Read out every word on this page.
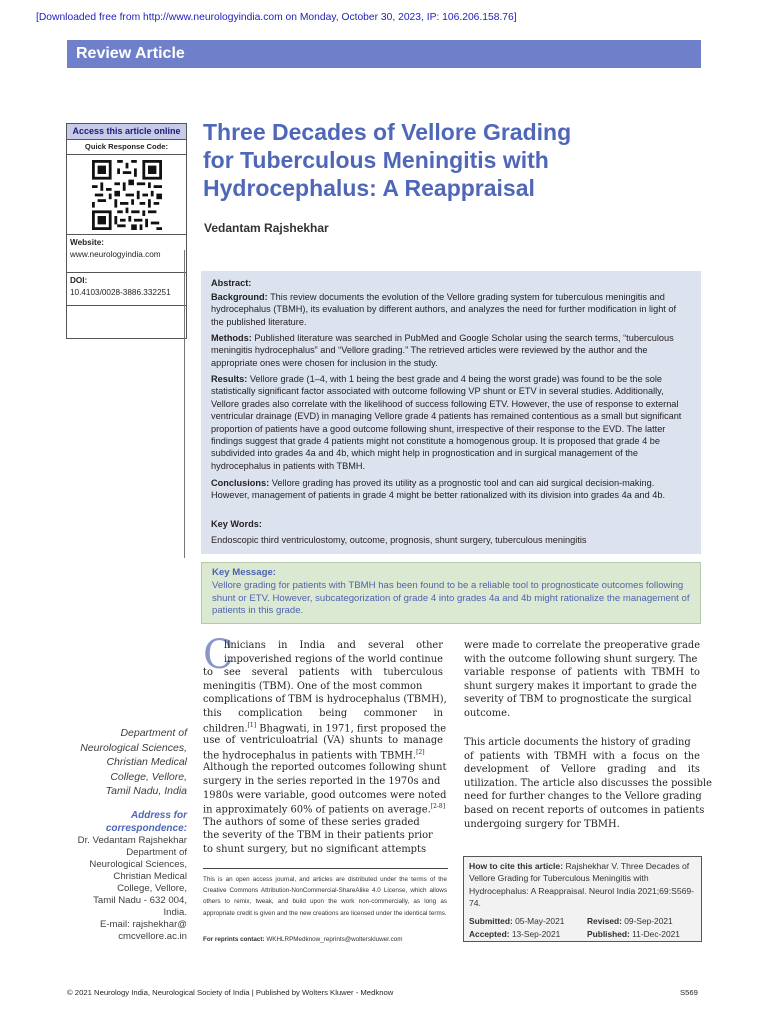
[Downloaded free from http://www.neurologyindia.com on Monday, October 30, 2023, IP: 106.206.158.76]
Review Article
Access this article online
Quick Response Code:
Website:
www.neurologyindia.com
DOI:
10.4103/0028-3886.332251
Three Decades of Vellore Grading
for Tuberculous Meningitis with
Hydrocephalus: A Reappraisal
Vedantam Rajshekhar

Abstract:

Background: This review documents the evolution of the Vellore grading system for tuberculous meningitis and hydrocephalus (TBMH), its evaluation by different authors, and analyzes the need for further modification in light of the published literature.

Methods: Published literature was searched in PubMed and Google Scholar using the search terms, “tuberculous meningitis hydrocephalus” and “Vellore grading.” The retrieved articles were reviewed by the author and the appropriate ones were chosen for inclusion in the study.

Results: Vellore grade (1–4, with 1 being the best grade and 4 being the worst grade) was found to be the sole statistically significant factor associated with outcome following VP shunt or ETV in several studies. Additionally, Vellore grades also correlate with the likelihood of success following ETV. However, the use of response to external ventricular drainage (EVD) in managing Vellore grade 4 patients has remained contentious as a small but significant proportion of patients have a good outcome following shunt, irrespective of their response to the EVD. The latter findings suggest that grade 4 patients might not constitute a homogenous group. It is proposed that grade 4 be subdivided into grades 4a and 4b, which might help in prognostication and in surgical management of the hydrocephalus in patients with TBMH.

Conclusions: Vellore grading has proved its utility as a prognostic tool and can aid surgical decision-making. However, management of patients in grade 4 might be better rationalized with its division into grades 4a and 4b.

Key Words:

Endoscopic third ventriculostomy, outcome, prognosis, shunt surgery, tuberculous meningitis

Key Message:

Vellore grading for patients with TBMH has been found to be a reliable tool to prognosticate outcomes following shunt or ETV. However, subcategorization of grade 4 into grades 4a and 4b might rationalize the management of patients in this grade.

C
linicians in India and several other
impoverished regions of the world continue
to see several patients with tuberculous
meningitis (TBM). One of the most common
complications of TBM is hydrocephalus (TBMH),
this complication being commoner in
children.[1] Bhagwati, in 1971, first proposed the
use of ventriculoatrial (VA) shunts to manage
the hydrocephalus in patients with TBMH.[2]
Although the reported outcomes following shunt
surgery in the series reported in the 1970s and
1980s were variable, good outcomes were noted
in approximately 60% of patients on average.[2-8]
The authors of some of these series graded
the severity of the TBM in their patients prior
to shunt surgery, but no significant attempts
were made to correlate the preoperative grade
with the outcome following shunt surgery. The
variable response of patients with TBMH to
shunt surgery makes it important to grade the
severity of TBM to prognosticate the surgical
outcome.
This article documents the history of grading
of patients with TBMH with a focus on the
development of Vellore grading and its
utilization. The article also discusses the possible
need for further changes to the Vellore grading
based on recent reports of outcomes in patients
undergoing surgery for TBMH.
Department of
Neurological Sciences,
Christian Medical
College, Vellore,
Tamil Nadu, India
Address for
correspondence:
Dr. Vedantam Rajshekhar
Department of
Neurological Sciences,
Christian Medical
College, Vellore,
Tamil Nadu - 632 004,
India.
E-mail: rajshekhar@
cmcvellore.ac.in
This is an open access journal, and articles are distributed under the terms of the Creative Commons Attribution-NonCommercial-ShareAlike 4.0 License, which allows others to remix, tweak, and build upon the work non-commercially, as long as appropriate credit is given and the new creations are licensed under the identical terms.
For reprints contact: WKHLRPMedknow_reprints@wolterskluwer.com
How to cite this article: Rajshekhar V. Three Decades of Vellore Grading for Tuberculous Meningitis with Hydrocephalus: A Reappraisal. Neurol India 2021;69:S569-74.
Submitted: 05-May-2021	Revised: 09-Sep-2021
Accepted: 13-Sep-2021	Published: 11-Dec-2021
© 2021 Neurology India, Neurological Society of India | Published by Wolters Kluwer - Medknow	S569
